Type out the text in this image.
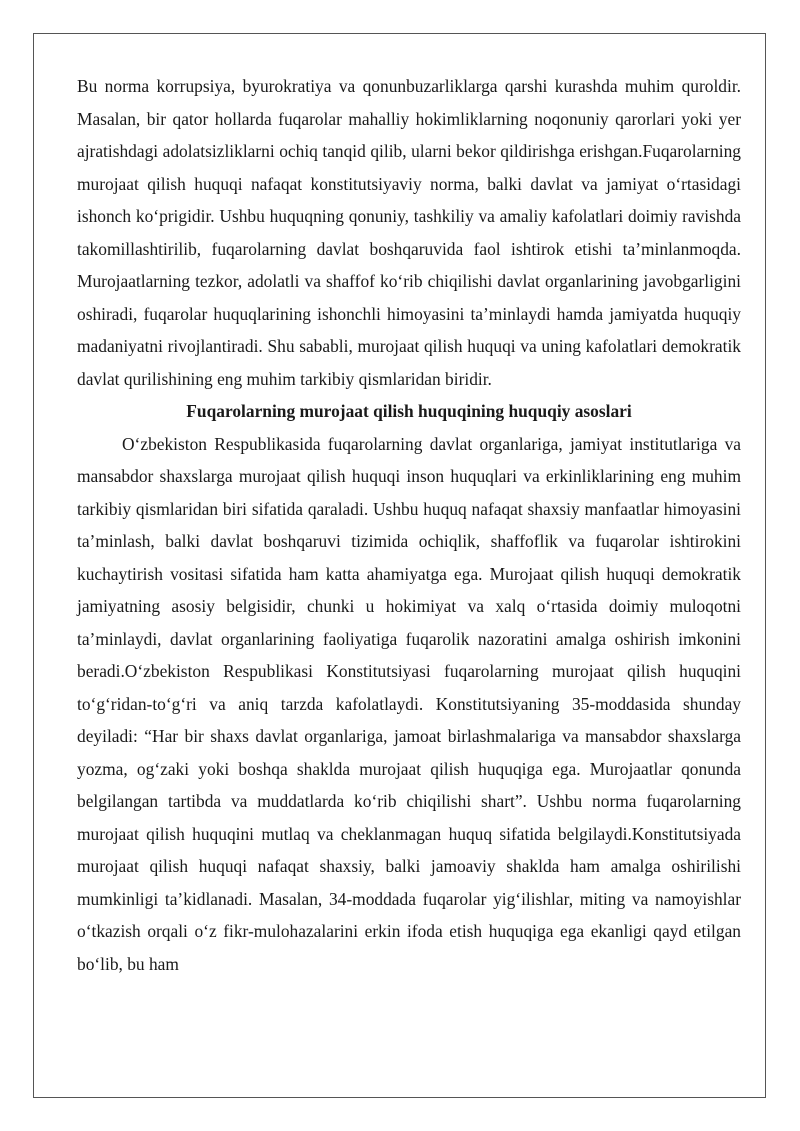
Bu norma korrupsiya, byurokratiya va qonunbuzarliklarga qarshi kurashda muhim quroldir. Masalan, bir qator hollarda fuqarolar mahalliy hokimliklarning noqonuniy qarorlari yoki yer ajratishdagi adolatsizliklarni ochiq tanqid qilib, ularni bekor qildirishga erishgan.Fuqarolarning murojaat qilish huquqi nafaqat konstitutsiyaviy norma, balki davlat va jamiyat o‘rtasidagi ishonch ko‘prigidir. Ushbu huquqning qonuniy, tashkiliy va amaliy kafolatlari doimiy ravishda takomillashtirilib, fuqarolarning davlat boshqaruvida faol ishtirok etishi ta’minlanmoqda. Murojaatlarning tezkor, adolatli va shaffof ko‘rib chiqilishi davlat organlarining javobgarligini oshiradi, fuqarolar huquqlarining ishonchli himoyasini ta’minlaydi hamda jamiyatda huquqiy madaniyatni rivojlantiradi. Shu sababli, murojaat qilish huquqi va uning kafolatlari demokratik davlat qurilishining eng muhim tarkibiy qismlaridan biridir.

Fuqarolarning murojaat qilish huquqining huquqiy asoslari

O‘zbekiston Respublikasida fuqarolarning davlat organlariga, jamiyat institutlariga va mansabdor shaxslarga murojaat qilish huquqi inson huquqlari va erkinliklarining eng muhim tarkibiy qismlaridan biri sifatida qaraladi. Ushbu huquq nafaqat shaxsiy manfaatlar himoyasini ta’minlash, balki davlat boshqaruvi tizimida ochiqlik, shaffoflik va fuqarolar ishtirokini kuchaytirish vositasi sifatida ham katta ahamiyatga ega. Murojaat qilish huquqi demokratik jamiyatning asosiy belgisidir, chunki u hokimiyat va xalq o‘rtasida doimiy muloqotni ta’minlaydi, davlat organlarining faoliyatiga fuqarolik nazoratini amalga oshirish imkonini beradi.O‘zbekiston Respublikasi Konstitutsiyasi fuqarolarning murojaat qilish huquqini to‘g‘ridan-to‘g‘ri va aniq tarzda kafolatlaydi. Konstitutsiyaning 35-moddasida shunday deyiladi: “Har bir shaxs davlat organlariga, jamoat birlashmalariga va mansabdor shaxslarga yozma, og‘zaki yoki boshqa shaklda murojaat qilish huquqiga ega. Murojaatlar qonunda belgilangan tartibda va muddatlarda ko‘rib chiqilishi shart”. Ushbu norma fuqarolarning murojaat qilish huquqini mutlaq va cheklanmagan huquq sifatida belgilaydi.Konstitutsiyada murojaat qilish huquqi nafaqat shaxsiy, balki jamoaviy shaklda ham amalga oshirilishi mumkinligi ta’kidlanadi. Masalan, 34-moddada fuqarolar yig‘ilishlar, miting va namoyishlar o‘tkazish orqali o‘z fikr-mulohazalarini erkin ifoda etish huquqiga ega ekanligi qayd etilgan bo‘lib, bu ham
